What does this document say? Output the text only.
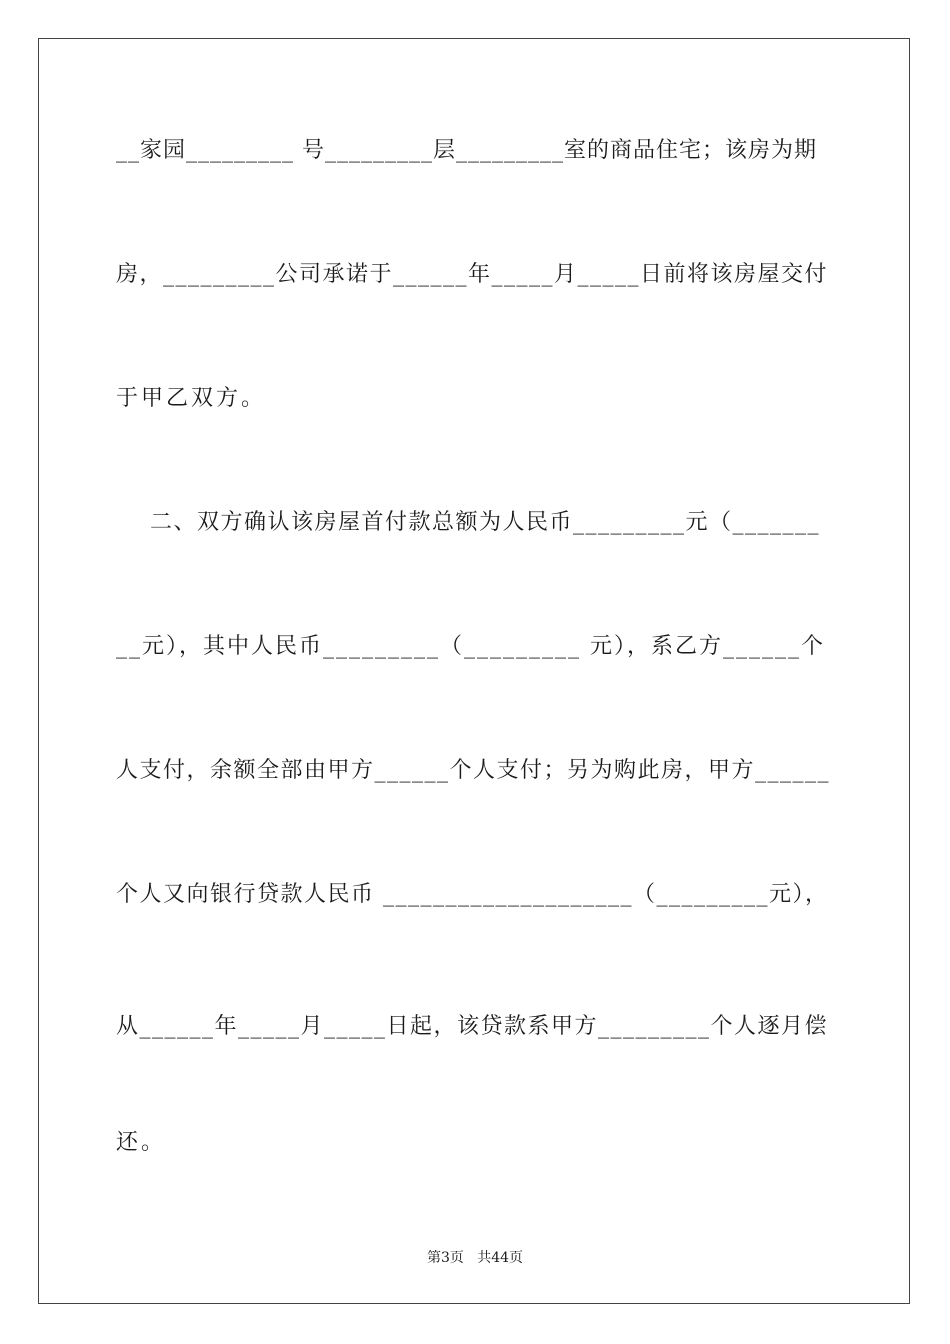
__家园_________ 号_________层_________室的商品住宅；该房为期
房，_________公司承诺于______年_____月_____日前将该房屋交付
于甲乙双方。
二、双方确认该房屋首付款总额为人民币_________元（_______
__元），其中人民币_________（_________ 元），系乙方______个
人支付，余额全部由甲方______个人支付；另为购此房，甲方______
个人又向银行贷款人民币 ____________________（_________元），
从______年_____月_____日起，该贷款系甲方_________个人逐月偿
还。
第3页   共44页
